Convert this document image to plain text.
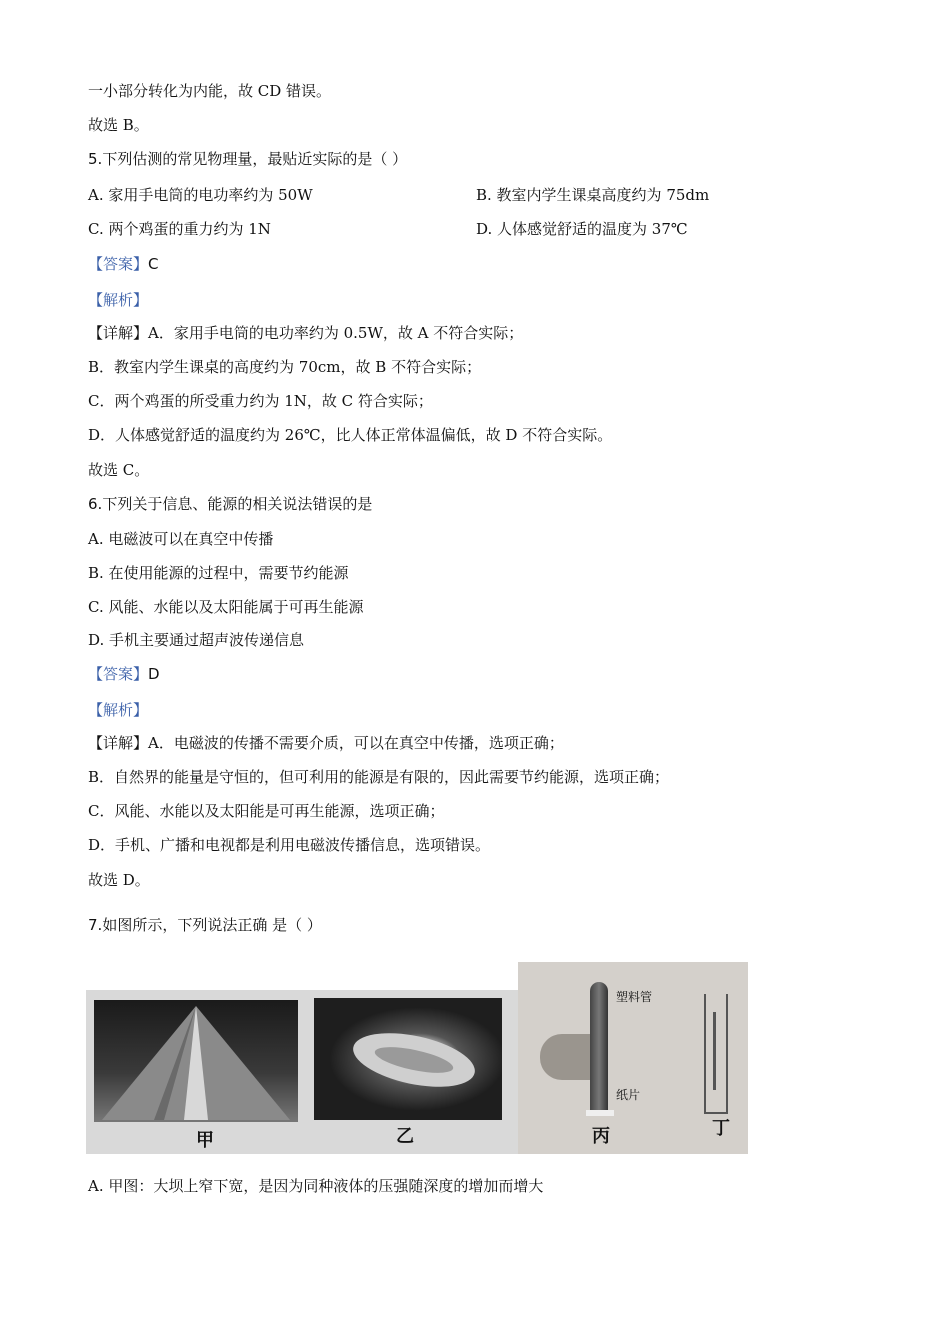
一小部分转化为内能，故 CD 错误。
故选 B。
5.下列估测的常见物理量，最贴近实际的是（ ）
A. 家用手电筒的电功率约为 50W	B. 教室内学生课桌高度约为 75dm
C. 两个鸡蛋的重力约为 1N	D. 人体感觉舒适的温度为 37℃
【答案】C
【解析】
【详解】A．家用手电筒的电功率约为 0.5W，故 A 不符合实际；
B．教室内学生课桌的高度约为 70cm，故 B 不符合实际；
C．两个鸡蛋的所受重力约为 1N，故 C 符合实际；
D．人体感觉舒适的温度约为 26℃，比人体正常体温偏低，故 D 不符合实际。
故选 C。
6.下列关于信息、能源的相关说法错误的是
A. 电磁波可以在真空中传播
B. 在使用能源的过程中，需要节约能源
C. 风能、水能以及太阳能属于可再生能源
D. 手机主要通过超声波传递信息
【答案】D
【解析】
【详解】A．电磁波的传播不需要介质，可以在真空中传播，选项正确；
B．自然界的能量是守恒的，但可利用的能源是有限的，因此需要节约能源，选项正确；
C．风能、水能以及太阳能是可再生能源，选项正确；
D．手机、广播和电视都是利用电磁波传播信息，选项错误。
故选 D。
7.如图所示，下列说法正确 是（ ）
塑料管
纸片
甲	乙	丙	丁
A. 甲图：大坝上窄下宽，是因为同种液体的压强随深度的增加而增大
